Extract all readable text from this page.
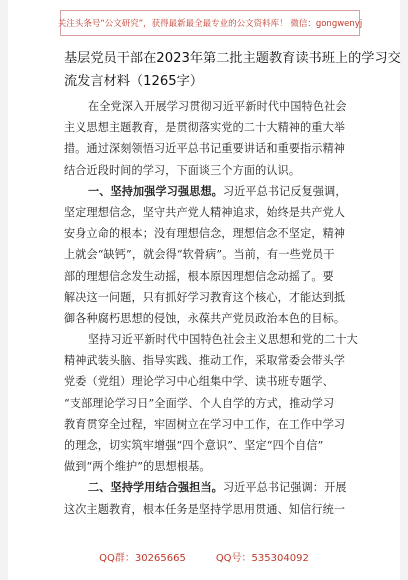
关注头条号“公文研究”，获得最新最全最专业的公文资料库！ 微信：gongwenyj
基层党员干部在2023年第二批主题教育读书班上的学习交
流发言材料（1265字）
在全党深入开展学习贯彻习近平新时代中国特色社会
主义思想主题教育，是贯彻落实党的二十大精神的重大举
措。通过深刻领悟习近平总书记重要讲话和重要指示精神
结合近段时间的学习，下面谈三个方面的认识。
一、坚持加强学习强思想。习近平总书记反复强调，
坚定理想信念，坚守共产党人精神追求，始终是共产党人
安身立命的根本；没有理想信念，理想信念不坚定，精神
上就会“缺钙”，就会得“软骨病”。当前，有一些党员干
部的理想信念发生动摇，根本原因理想信念动摇了。要
解决这一问题，只有抓好学习教育这个核心，才能达到抵
御各种腐朽思想的侵蚀，永葆共产党员政治本色的目标。
坚持习近平新时代中国特色社会主义思想和党的二十大
精神武装头脑、指导实践、推动工作，采取常委会带头学
党委（党组）理论学习中心组集中学、读书班专题学、
“支部理论学习日”全面学、个人自学的方式，推动学习
教育贯穿全过程，牢固树立在学习中工作，在工作中学习
的理念，切实筑牢增强“四个意识”、坚定“四个自信”
做到“两个维护”的思想根基。
二、坚持学用结合强担当。习近平总书记强调：开展
这次主题教育，根本任务是坚持学思用贯通、知信行统一
QQ群：30265665	QQ号：535304092
